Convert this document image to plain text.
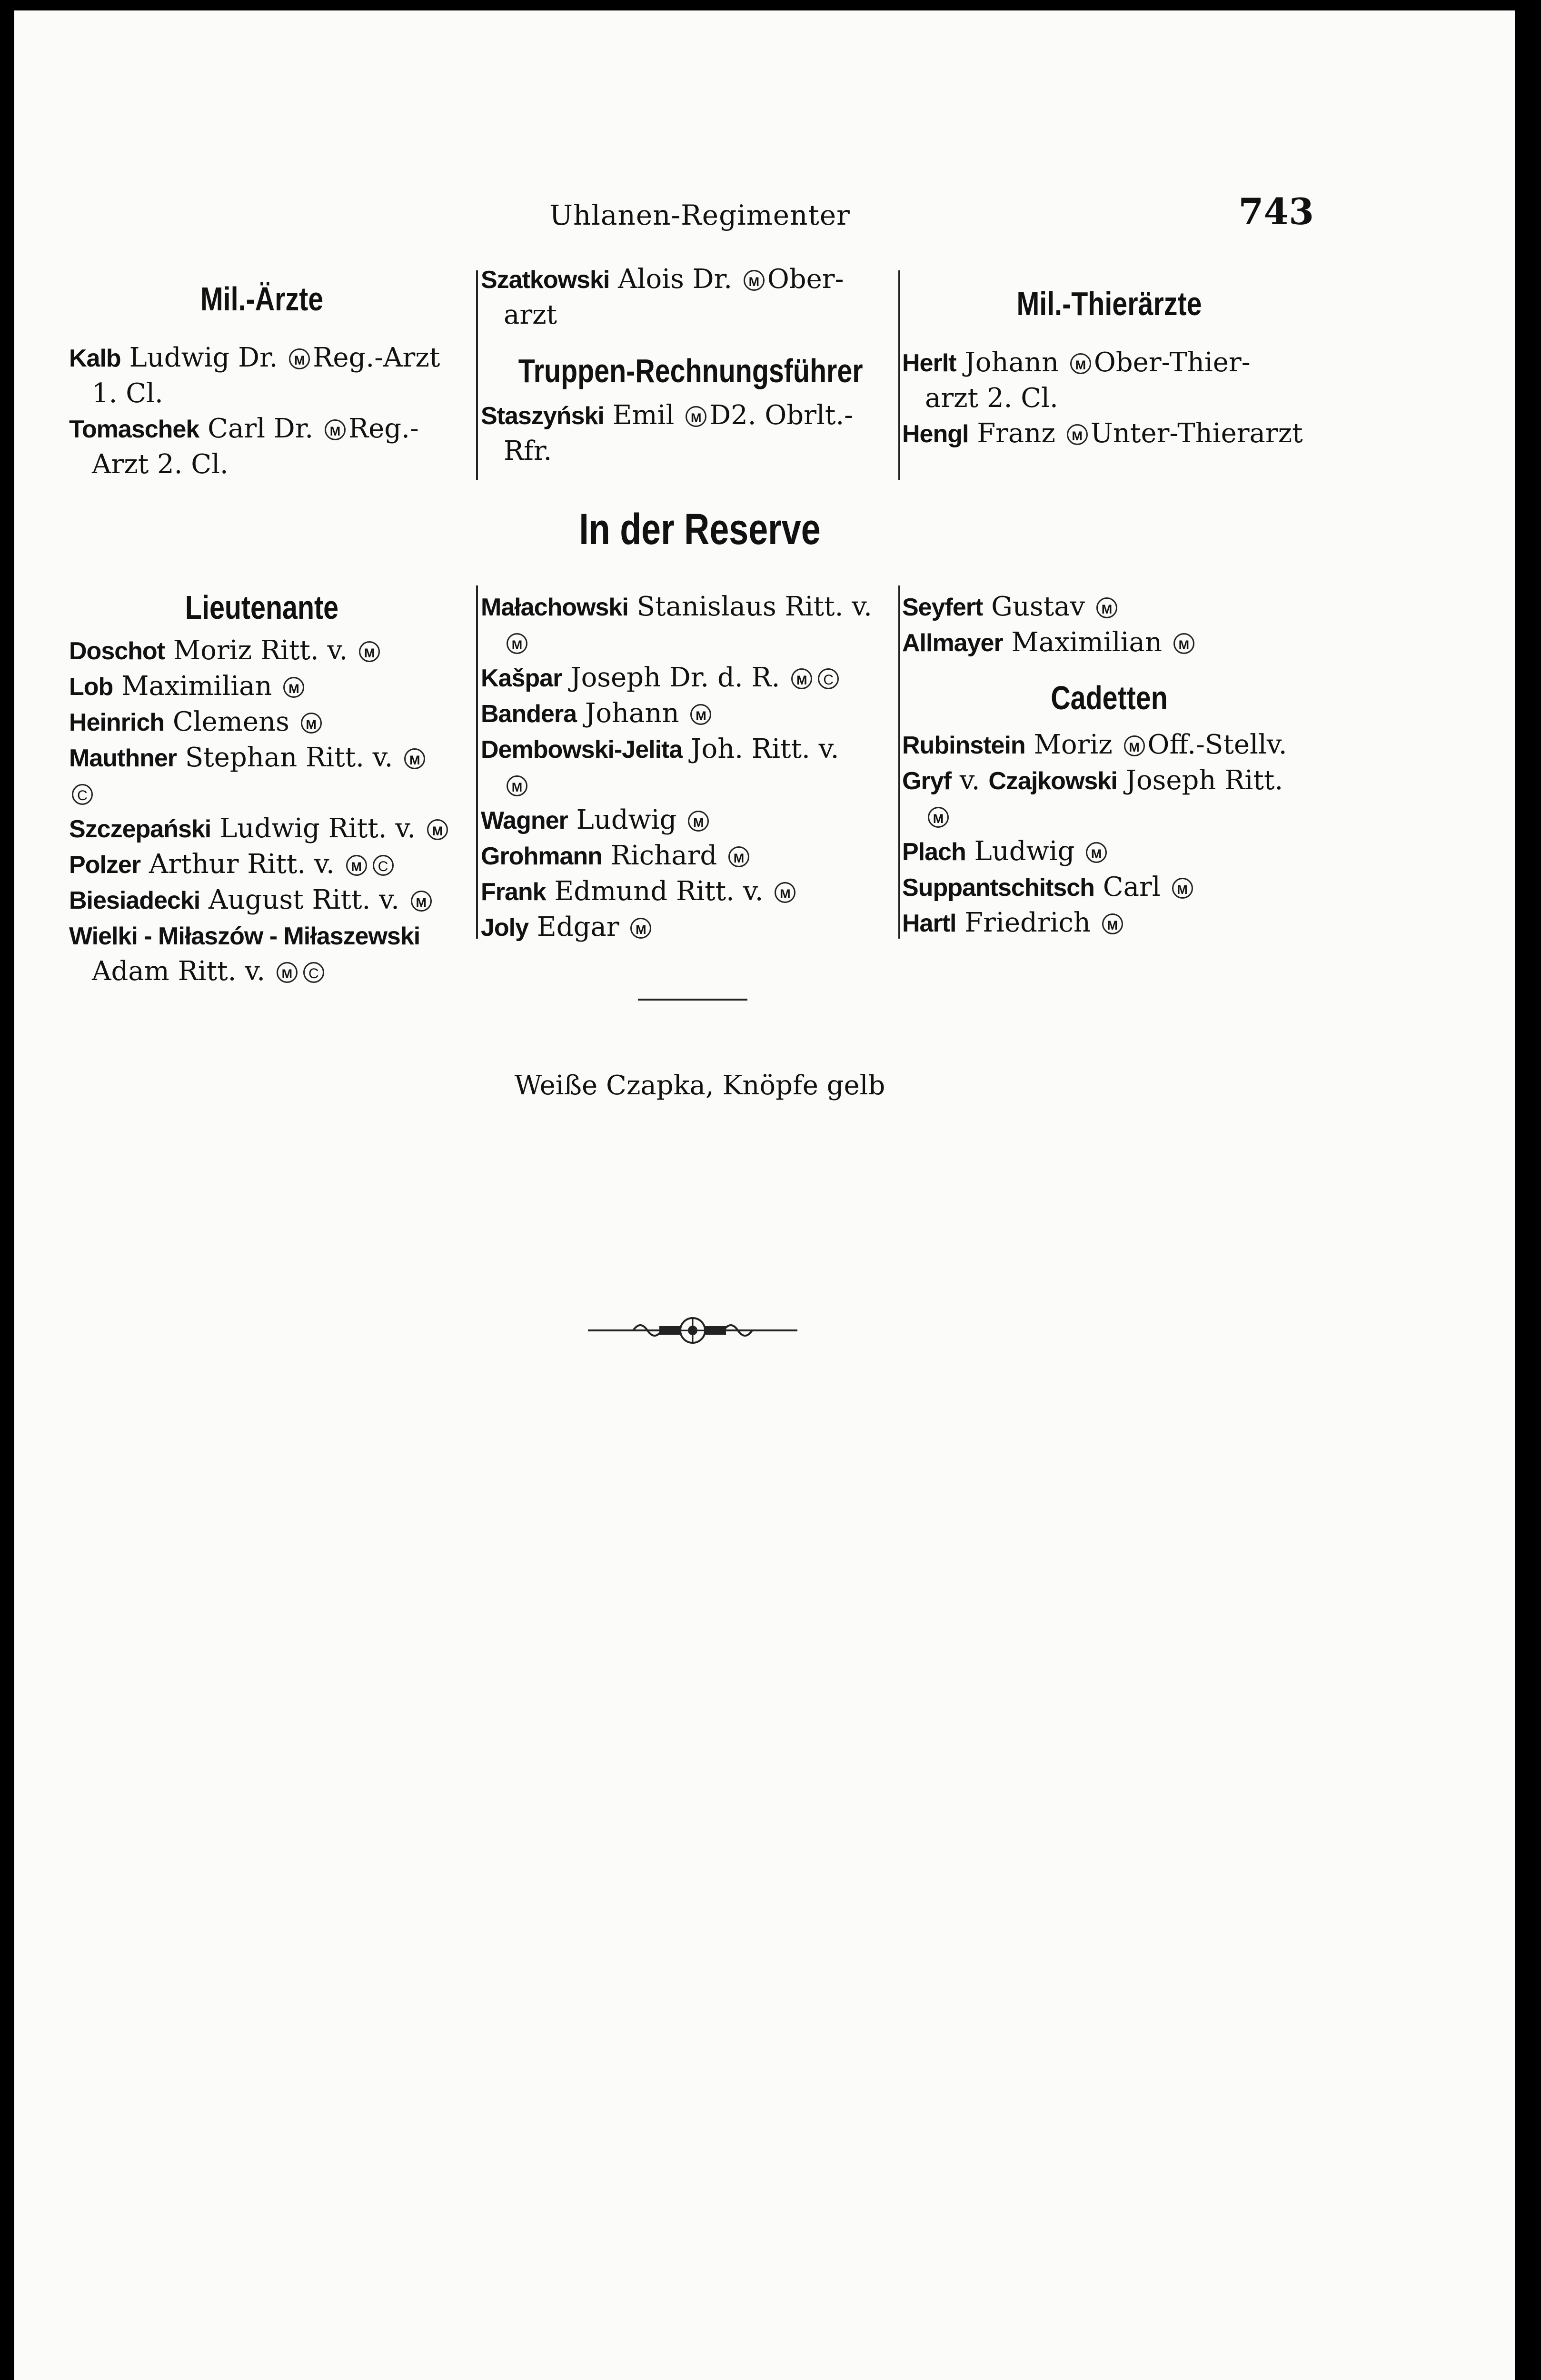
Uhlanen-Regimenter	743
Mil.-Ärzte
Kalb Ludwig Dr. M Reg.-Arzt
1. Cl.
Tomaschek Carl Dr. M Reg.-
Arzt 2. Cl.
Szatkowski Alois Dr. M Ober-
arzt
Truppen-Rechnungsführer
Staszyński Emil M D2. Obrlt.-
Rfr.
Mil.-Thierärzte
Herlt Johann M Ober-Thier-
arzt 2. Cl.
Hengl Franz M Unter-Thierarzt
In der Reserve
Lieutenante
Doschot Moriz Ritt. v. M
Lob Maximilian M
Heinrich Clemens M
Mauthner Stephan Ritt. v. MC
Szczepański Ludwig Ritt. v. M
Polzer Arthur Ritt. v. M C
Biesiadecki August Ritt. v. M
Wielki - Miłaszów - Miłaszewski
Adam Ritt. v. M C
Małachowski Stanislaus Ritt. v.
M
Kašpar Joseph Dr. d. R. M C
Bandera Johann M
Dembowski-Jelita Joh. Ritt. v.
M
Wagner Ludwig M
Grohmann Richard M
Frank Edmund Ritt. v. M
Joly Edgar M
Seyfert Gustav M
Allmayer Maximilian M
Cadetten
Rubinstein Moriz M Off.-Stellv.
Gryf v. Czajkowski Joseph Ritt.
M
Plach Ludwig M
Suppantschitsch Carl M
Hartl Friedrich M
Weiße Czapka, Knöpfe gelb
